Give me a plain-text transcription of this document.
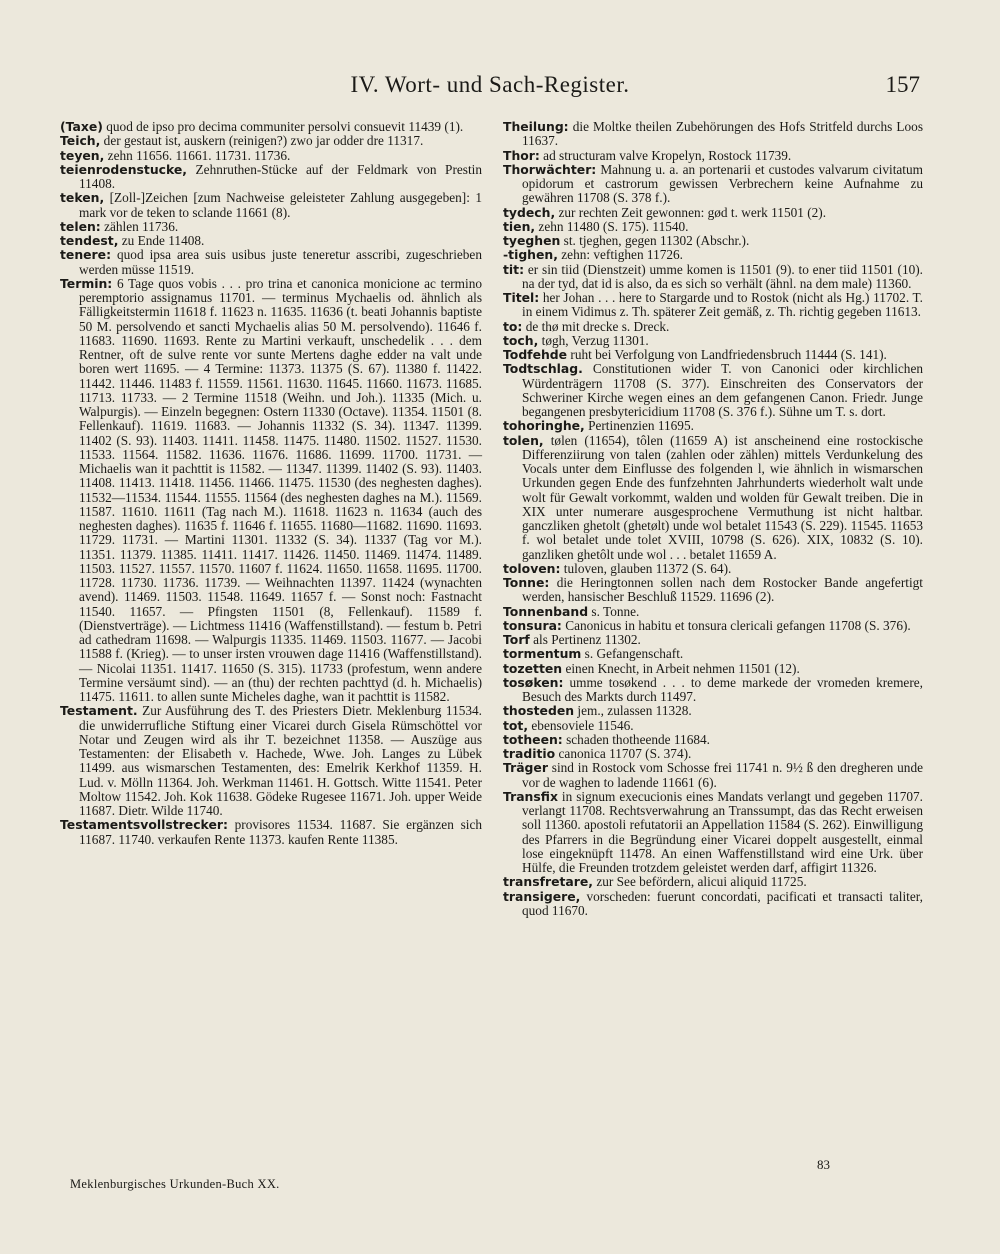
IV. Wort- und Sach-Register.	157

(Taxe) quod de ipso pro decima communiter persolvi consuevit 11439 (1).

Teich, der gestaut ist, auskern (reinigen?) zwo jar odder dre 11317.

teyen, zehn 11656. 11661. 11731. 11736.

teienrodenstucke, Zehnruthen-Stücke auf der Feldmark von Prestin 11408.

teken, [Zoll-]Zeichen [zum Nachweise geleisteter Zahlung ausgegeben]: 1 mark vor de teken to sclande 11661 (8).

telen: zählen 11736.

tendest, zu Ende 11408.

tenere: quod ipsa area suis usibus juste teneretur asscribi, zugeschrieben werden müsse 11519.

Termin: 6 Tage quos vobis . . . pro trina et canonica monicione ac termino peremptorio assignamus 11701. — terminus Mychaelis od. ähnlich als Fälligkeitstermin 11618 f. 11623 n. 11635. 11636 (t. beati Johannis baptiste 50 M. persolvendo et sancti Mychaelis alias 50 M. persolvendo). 11646 f. 11683. 11690. 11693. Rente zu Martini verkauft, unschedelik . . . dem Rentner, oft de sulve rente vor sunte Mertens daghe edder na valt unde boren wert 11695. — 4 Termine: 11373. 11375 (S. 67). 11380 f. 11422. 11442. 11446. 11483 f. 11559. 11561. 11630. 11645. 11660. 11673. 11685. 11713. 11733. — 2 Termine 11518 (Weihn. und Joh.). 11335 (Mich. u. Walpurgis). — Einzeln begegnen: Ostern 11330 (Octave). 11354. 11501 (8. Fellenkauf). 11619. 11683. — Johannis 11332 (S. 34). 11347. 11399. 11402 (S. 93). 11403. 11411. 11458. 11475. 11480. 11502. 11527. 11530. 11533. 11564. 11582. 11636. 11676. 11686. 11699. 11700. 11731. — Michaelis wan it pachttit is 11582. — 11347. 11399. 11402 (S. 93). 11403. 11408. 11413. 11418. 11456. 11466. 11475. 11530 (des neghesten daghes). 11532—11534. 11544. 11555. 11564 (des neghesten daghes na M.). 11569. 11587. 11610. 11611 (Tag nach M.). 11618. 11623 n. 11634 (auch des neghesten daghes). 11635 f. 11646 f. 11655. 11680—11682. 11690. 11693. 11729. 11731. — Martini 11301. 11332 (S. 34). 11337 (Tag vor M.). 11351. 11379. 11385. 11411. 11417. 11426. 11450. 11469. 11474. 11489. 11503. 11527. 11557. 11570. 11607 f. 11624. 11650. 11658. 11695. 11700. 11728. 11730. 11736. 11739. — Weihnachten 11397. 11424 (wynachten avend). 11469. 11503. 11548. 11649. 11657 f. — Sonst noch: Fastnacht 11540. 11657. — Pfingsten 11501 (8, Fellenkauf). 11589 f. (Dienstverträge). — Lichtmess 11416 (Waffenstillstand). — festum b. Petri ad cathedram 11698. — Walpurgis 11335. 11469. 11503. 11677. — Jacobi 11588 f. (Krieg). — to unser irsten vrouwen dage 11416 (Waffenstillstand). — Nicolai 11351. 11417. 11650 (S. 315). 11733 (profestum, wenn andere Termine versäumt sind). — an (thu) der rechten pachttyd (d. h. Michaelis) 11475. 11611. to allen sunte Micheles daghe, wan it pachttit is 11582.

Testament. Zur Ausführung des T. des Priesters Dietr. Meklenburg 11534. die unwiderrufliche Stiftung einer Vicarei durch Gisela Rümschöttel vor Notar und Zeugen wird als ihr T. bezeichnet 11358. — Auszüge aus Testamenten: der Elisabeth v. Hachede, Wwe. Joh. Langes zu Lübek 11499. aus wismarschen Testamenten, des: Emelrik Kerkhof 11359. H. Lud. v. Mölln 11364. Joh. Werkman 11461. H. Gottsch. Witte 11541. Peter Moltow 11542. Joh. Kok 11638. Gödeke Rugesee 11671. Joh. upper Weide 11687. Dietr. Wilde 11740.

Testamentsvollstrecker: provisores 11534. 11687. Sie ergänzen sich 11687. 11740. verkaufen Rente 11373. kaufen Rente 11385.

Theilung: die Moltke theilen Zubehörungen des Hofs Stritfeld durchs Loos 11637.

Thor: ad structuram valve Kropelyn, Rostock 11739.

Thorwächter: Mahnung u. a. an portenarii et custodes valvarum civitatum opidorum et castrorum gewissen Verbrechern keine Aufnahme zu gewähren 11708 (S. 378 f.).

tydech, zur rechten Zeit gewonnen: gød t. werk 11501 (2).

tien, zehn 11480 (S. 175). 11540.

tyeghen st. tjeghen, gegen 11302 (Abschr.).

-tighen, zehn: veftighen 11726.

tit: er sin tiid (Dienstzeit) umme komen is 11501 (9). to ener tiid 11501 (10). na der tyd, dat id is also, da es sich so verhält (ähnl. na dem male) 11360.

Titel: her Johan . . . here to Stargarde und to Rostok (nicht als Hg.) 11702. T. in einem Vidimus z. Th. späterer Zeit gemäß, z. Th. richtig gegeben 11613.

to: de thø mit drecke s. Dreck.

toch, tøgh, Verzug 11301.

Todfehde ruht bei Verfolgung von Landfriedensbruch 11444 (S. 141).

Todtschlag. Constitutionen wider T. von Canonici oder kirchlichen Würdenträgern 11708 (S. 377). Einschreiten des Conservators der Schweriner Kirche wegen eines an dem gefangenen Canon. Friedr. Junge begangenen presbytericidium 11708 (S. 376 f.). Sühne um T. s. dort.

tohoringhe, Pertinenzien 11695.

tolen, tølen (11654), tôlen (11659 A) ist anscheinend eine rostockische Differenziirung von talen (zahlen oder zählen) mittels Verdunkelung des Vocals unter dem Einflusse des folgenden l, wie ähnlich in wismarschen Urkunden gegen Ende des funfzehnten Jahrhunderts wiederholt walt unde wolt für Gewalt vorkommt, walden und wolden für Gewalt treiben. Die in XIX unter numerare ausgesprochene Vermuthung ist nicht haltbar. ganczliken ghetolt (ghetølt) unde wol betalet 11543 (S. 229). 11545. 11653 f. wol betalet unde tolet XVIII, 10798 (S. 626). XIX, 10832 (S. 10). ganzliken ghetôlt unde wol . . . betalet 11659 A.

toloven: tuloven, glauben 11372 (S. 64).

Tonne: die Heringtonnen sollen nach dem Rostocker Bande angefertigt werden, hansischer Beschluß 11529. 11696 (2).

Tonnenband s. Tonne.

tonsura: Canonicus in habitu et tonsura clericali gefangen 11708 (S. 376).

Torf als Pertinenz 11302.

tormentum s. Gefangenschaft.

tozetten einen Knecht, in Arbeit nehmen 11501 (12).

tosøken: umme tosøkend . . . to deme markede der vromeden kremere, Besuch des Markts durch 11497.

thosteden jem., zulassen 11328.

tot, ebensoviele 11546.

totheen: schaden thotheende 11684.

traditio canonica 11707 (S. 374).

Träger sind in Rostock vom Schosse frei 11741 n. 9½ ß den dregheren unde vor de waghen to ladende 11661 (6).

Transfix in signum execucionis eines Mandats verlangt und gegeben 11707. verlangt 11708. Rechtsverwahrung an Transsumpt, das das Recht erweisen soll 11360. apostoli refutatorii an Appellation 11584 (S. 262). Einwilligung des Pfarrers in die Begründung einer Vicarei doppelt ausgestellt, einmal lose eingeknüpft 11478. An einen Waffenstillstand wird eine Urk. über Hülfe, die Freunden trotzdem geleistet werden darf, affigirt 11326.

transfretare, zur See befördern, alicui aliquid 11725.

transigere, vorscheden: fuerunt concordati, pacificati et transacti taliter, quod 11670.

Meklenburgisches Urkunden-Buch XX.
83
